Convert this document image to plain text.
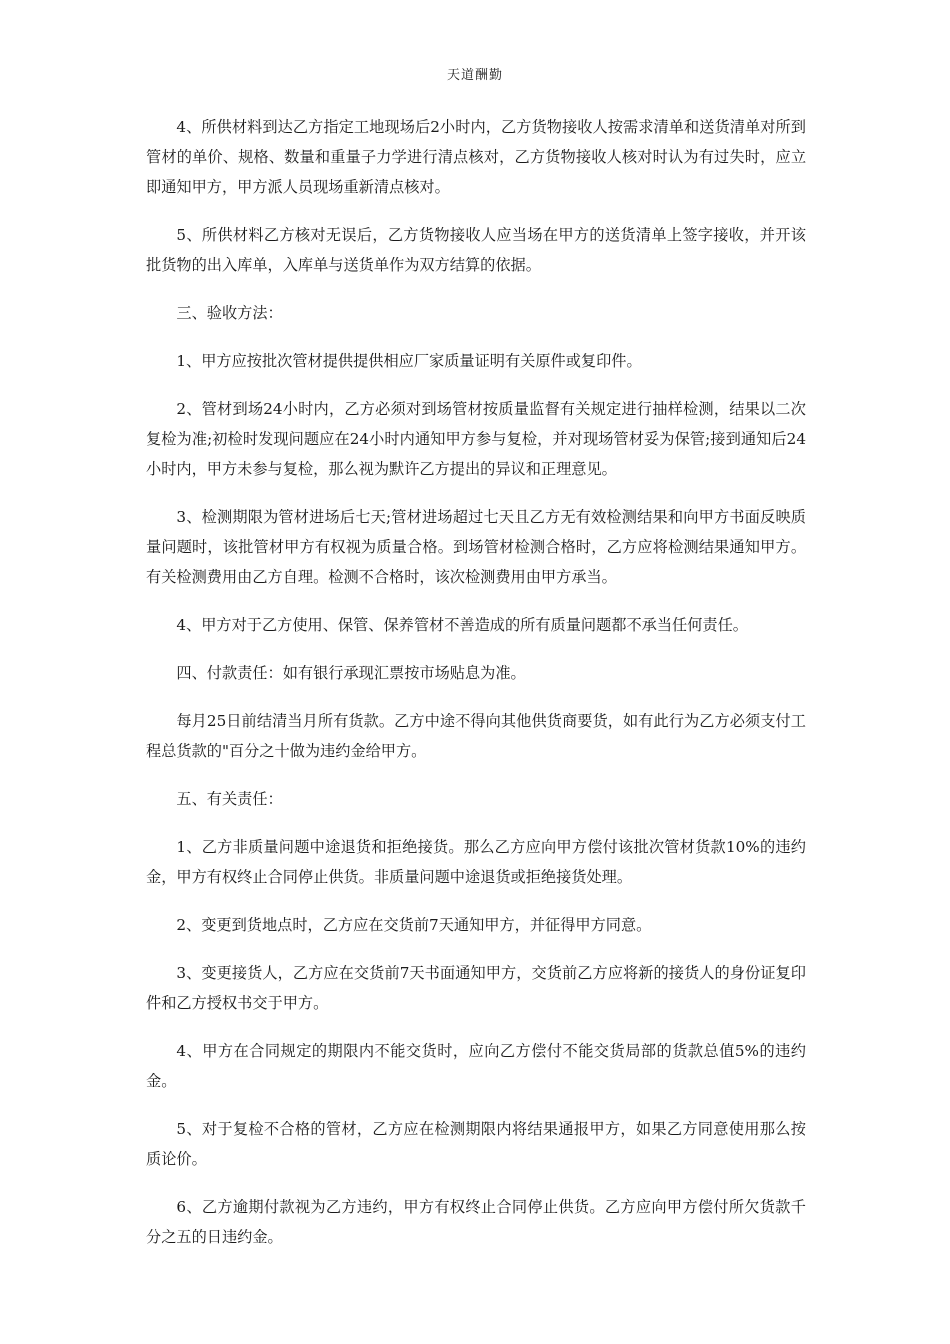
天道酬勤

4、所供材料到达乙方指定工地现场后2小时内，乙方货物接收人按需求清单和送货清单对所到管材的单价、规格、数量和重量子力学进行清点核对，乙方货物接收人核对时认为有过失时，应立即通知甲方，甲方派人员现场重新清点核对。

5、所供材料乙方核对无误后，乙方货物接收人应当场在甲方的送货清单上签字接收，并开该批货物的出入库单，入库单与送货单作为双方结算的依据。

三、验收方法：

1、甲方应按批次管材提供提供相应厂家质量证明有关原件或复印件。

2、管材到场24小时内，乙方必须对到场管材按质量监督有关规定进行抽样检测，结果以二次复检为准;初检时发现问题应在24小时内通知甲方参与复检，并对现场管材妥为保管;接到通知后24小时内，甲方未参与复检，那么视为默许乙方提出的异议和正理意见。

3、检测期限为管材进场后七天;管材进场超过七天且乙方无有效检测结果和向甲方书面反映质量问题时，该批管材甲方有权视为质量合格。到场管材检测合格时，乙方应将检测结果通知甲方。有关检测费用由乙方自理。检测不合格时，该次检测费用由甲方承当。

4、甲方对于乙方使用、保管、保养管材不善造成的所有质量问题都不承当任何责任。

四、付款责任：如有银行承现汇票按市场贴息为准。

每月25日前结清当月所有货款。乙方中途不得向其他供货商要货，如有此行为乙方必须支付工程总货款的"百分之十做为违约金给甲方。

五、有关责任：

1、乙方非质量问题中途退货和拒绝接货。那么乙方应向甲方偿付该批次管材货款10%的违约金，甲方有权终止合同停止供货。非质量问题中途退货或拒绝接货处理。

2、变更到货地点时，乙方应在交货前7天通知甲方，并征得甲方同意。

3、变更接货人，乙方应在交货前7天书面通知甲方，交货前乙方应将新的接货人的身份证复印件和乙方授权书交于甲方。

4、甲方在合同规定的期限内不能交货时，应向乙方偿付不能交货局部的货款总值5%的违约金。

5、对于复检不合格的管材，乙方应在检测期限内将结果通报甲方，如果乙方同意使用那么按质论价。

6、乙方逾期付款视为乙方违约，甲方有权终止合同停止供货。乙方应向甲方偿付所欠货款千分之五的日违约金。
